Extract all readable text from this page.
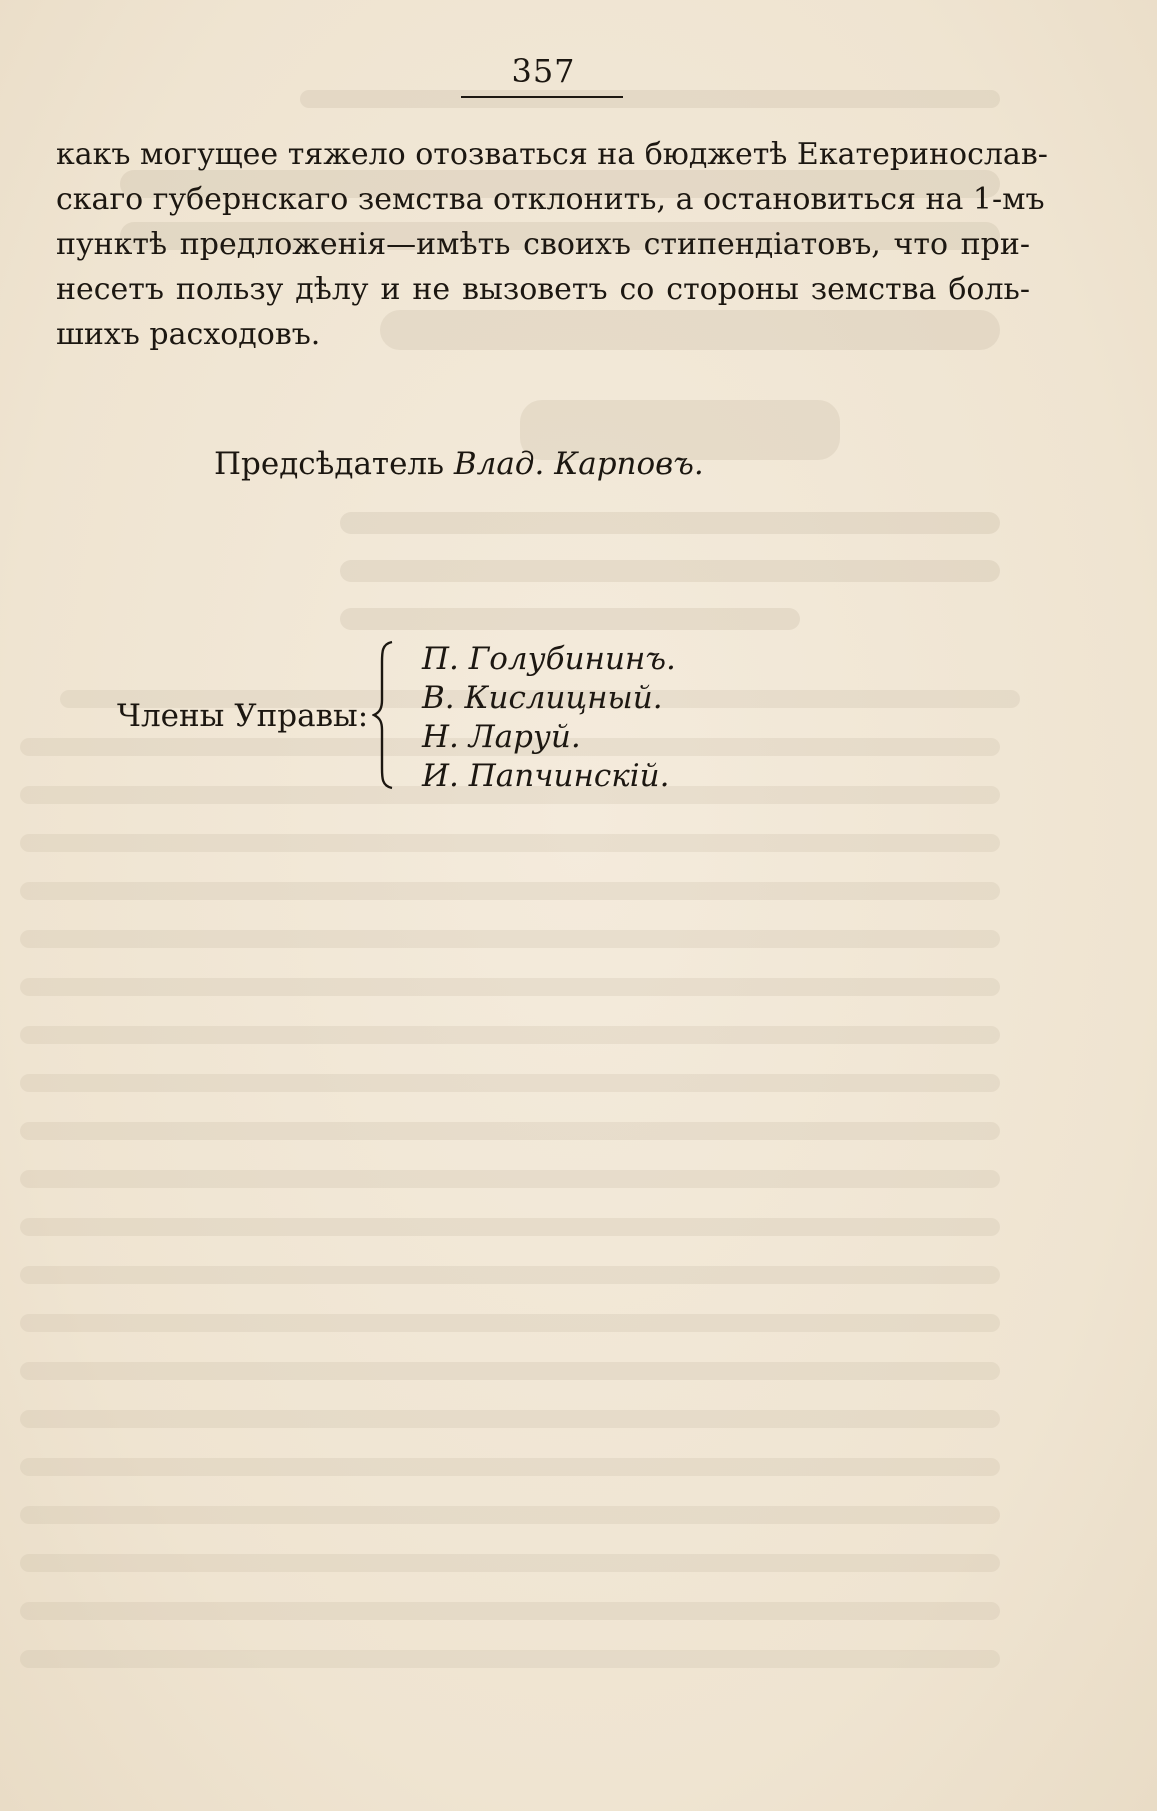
357
какъ могущее тяжело отозваться на бюджетѣ Екатеринослав-
скаго губернскаго земства отклонить, а остановиться на 1-мъ
пунктѣ предложенія—имѣть своихъ стипендіатовъ, что при-
несетъ пользу дѣлу и не вызоветъ со стороны земства боль-
шихъ расходовъ.
Предсѣдатель Влад. Карповъ.
Члены Управы:
П. Голубининъ.
В. Кислицный.
Н. Ларуй.
И. Папчинскій.
